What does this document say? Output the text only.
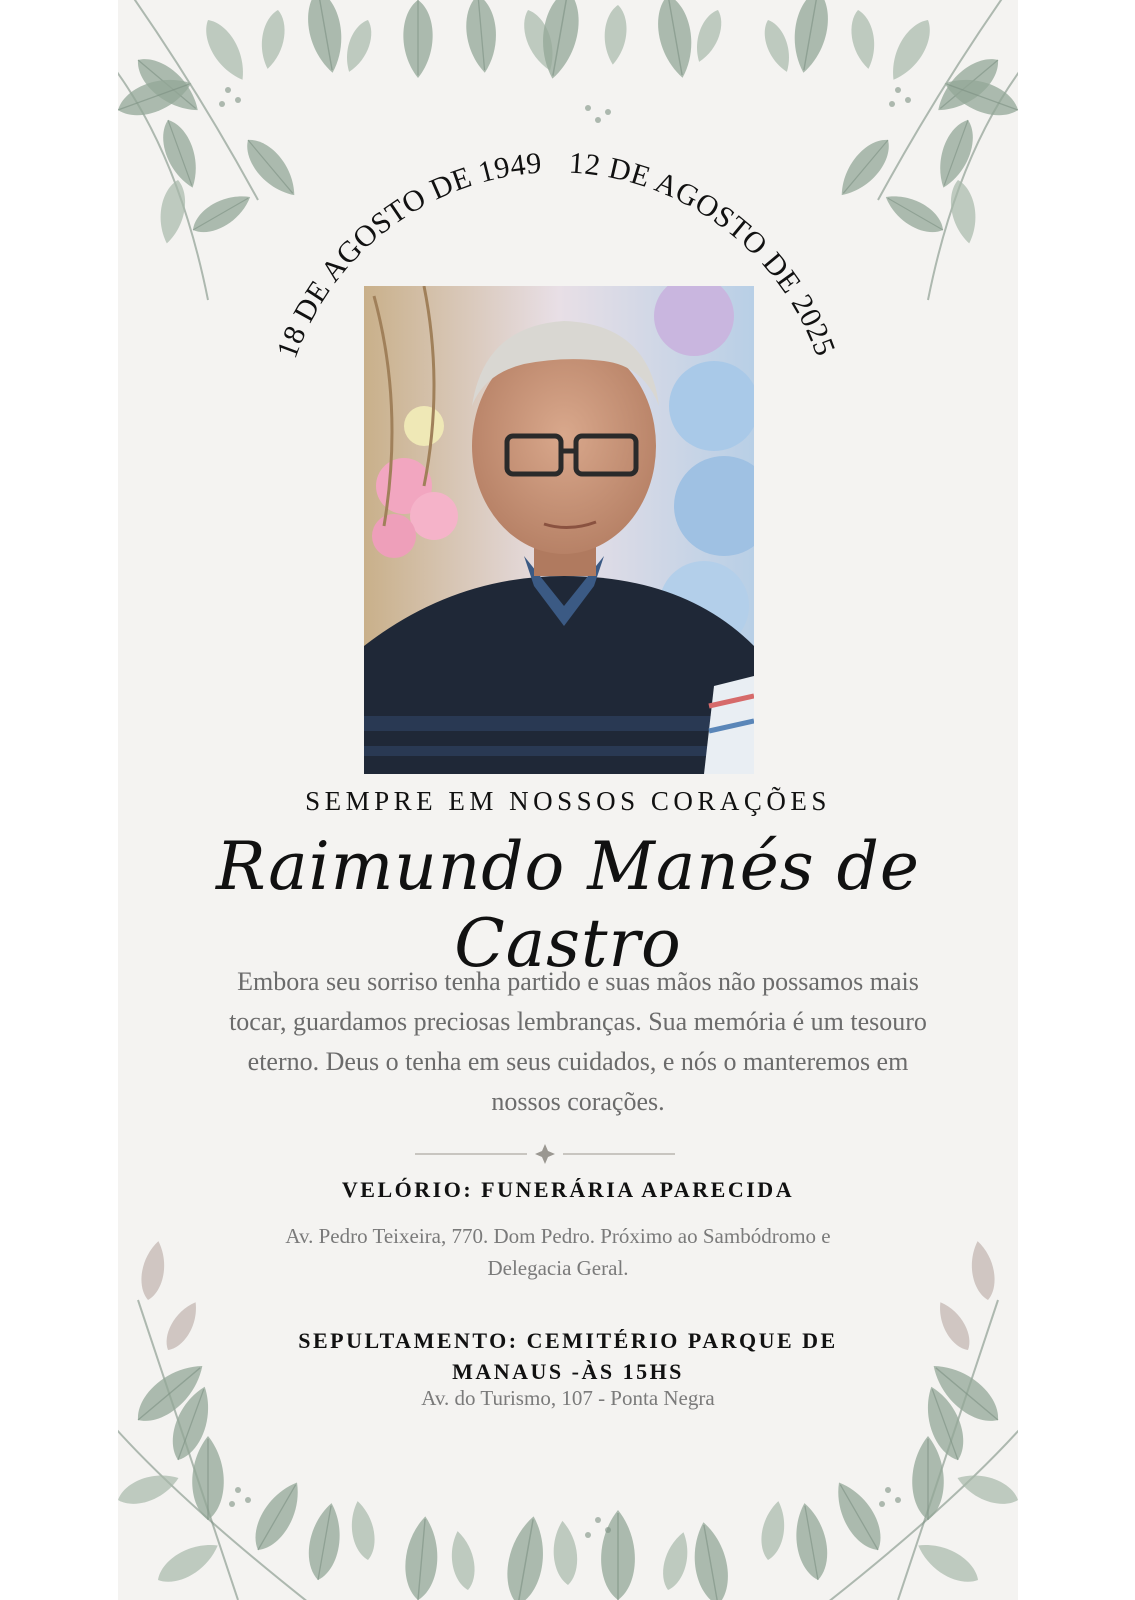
18 DE AGOSTO DE 1949 12 DE AGOSTO DE 2025
SEMPRE EM NOSSOS CORAÇÕES
Raimundo Manés de Castro
Embora seu sorriso tenha partido e suas mãos não possamos mais tocar, guardamos preciosas lembranças. Sua memória é um tesouro eterno. Deus o tenha em seus cuidados, e nós o manteremos em nossos corações.
VELÓRIO: FUNERÁRIA APARECIDA
Av. Pedro Teixeira, 770. Dom Pedro. Próximo ao Sambódromo e Delegacia Geral.
SEPULTAMENTO: CEMITÉRIO PARQUE DE MANAUS -ÀS 15HS
Av. do Turismo, 107 - Ponta Negra
